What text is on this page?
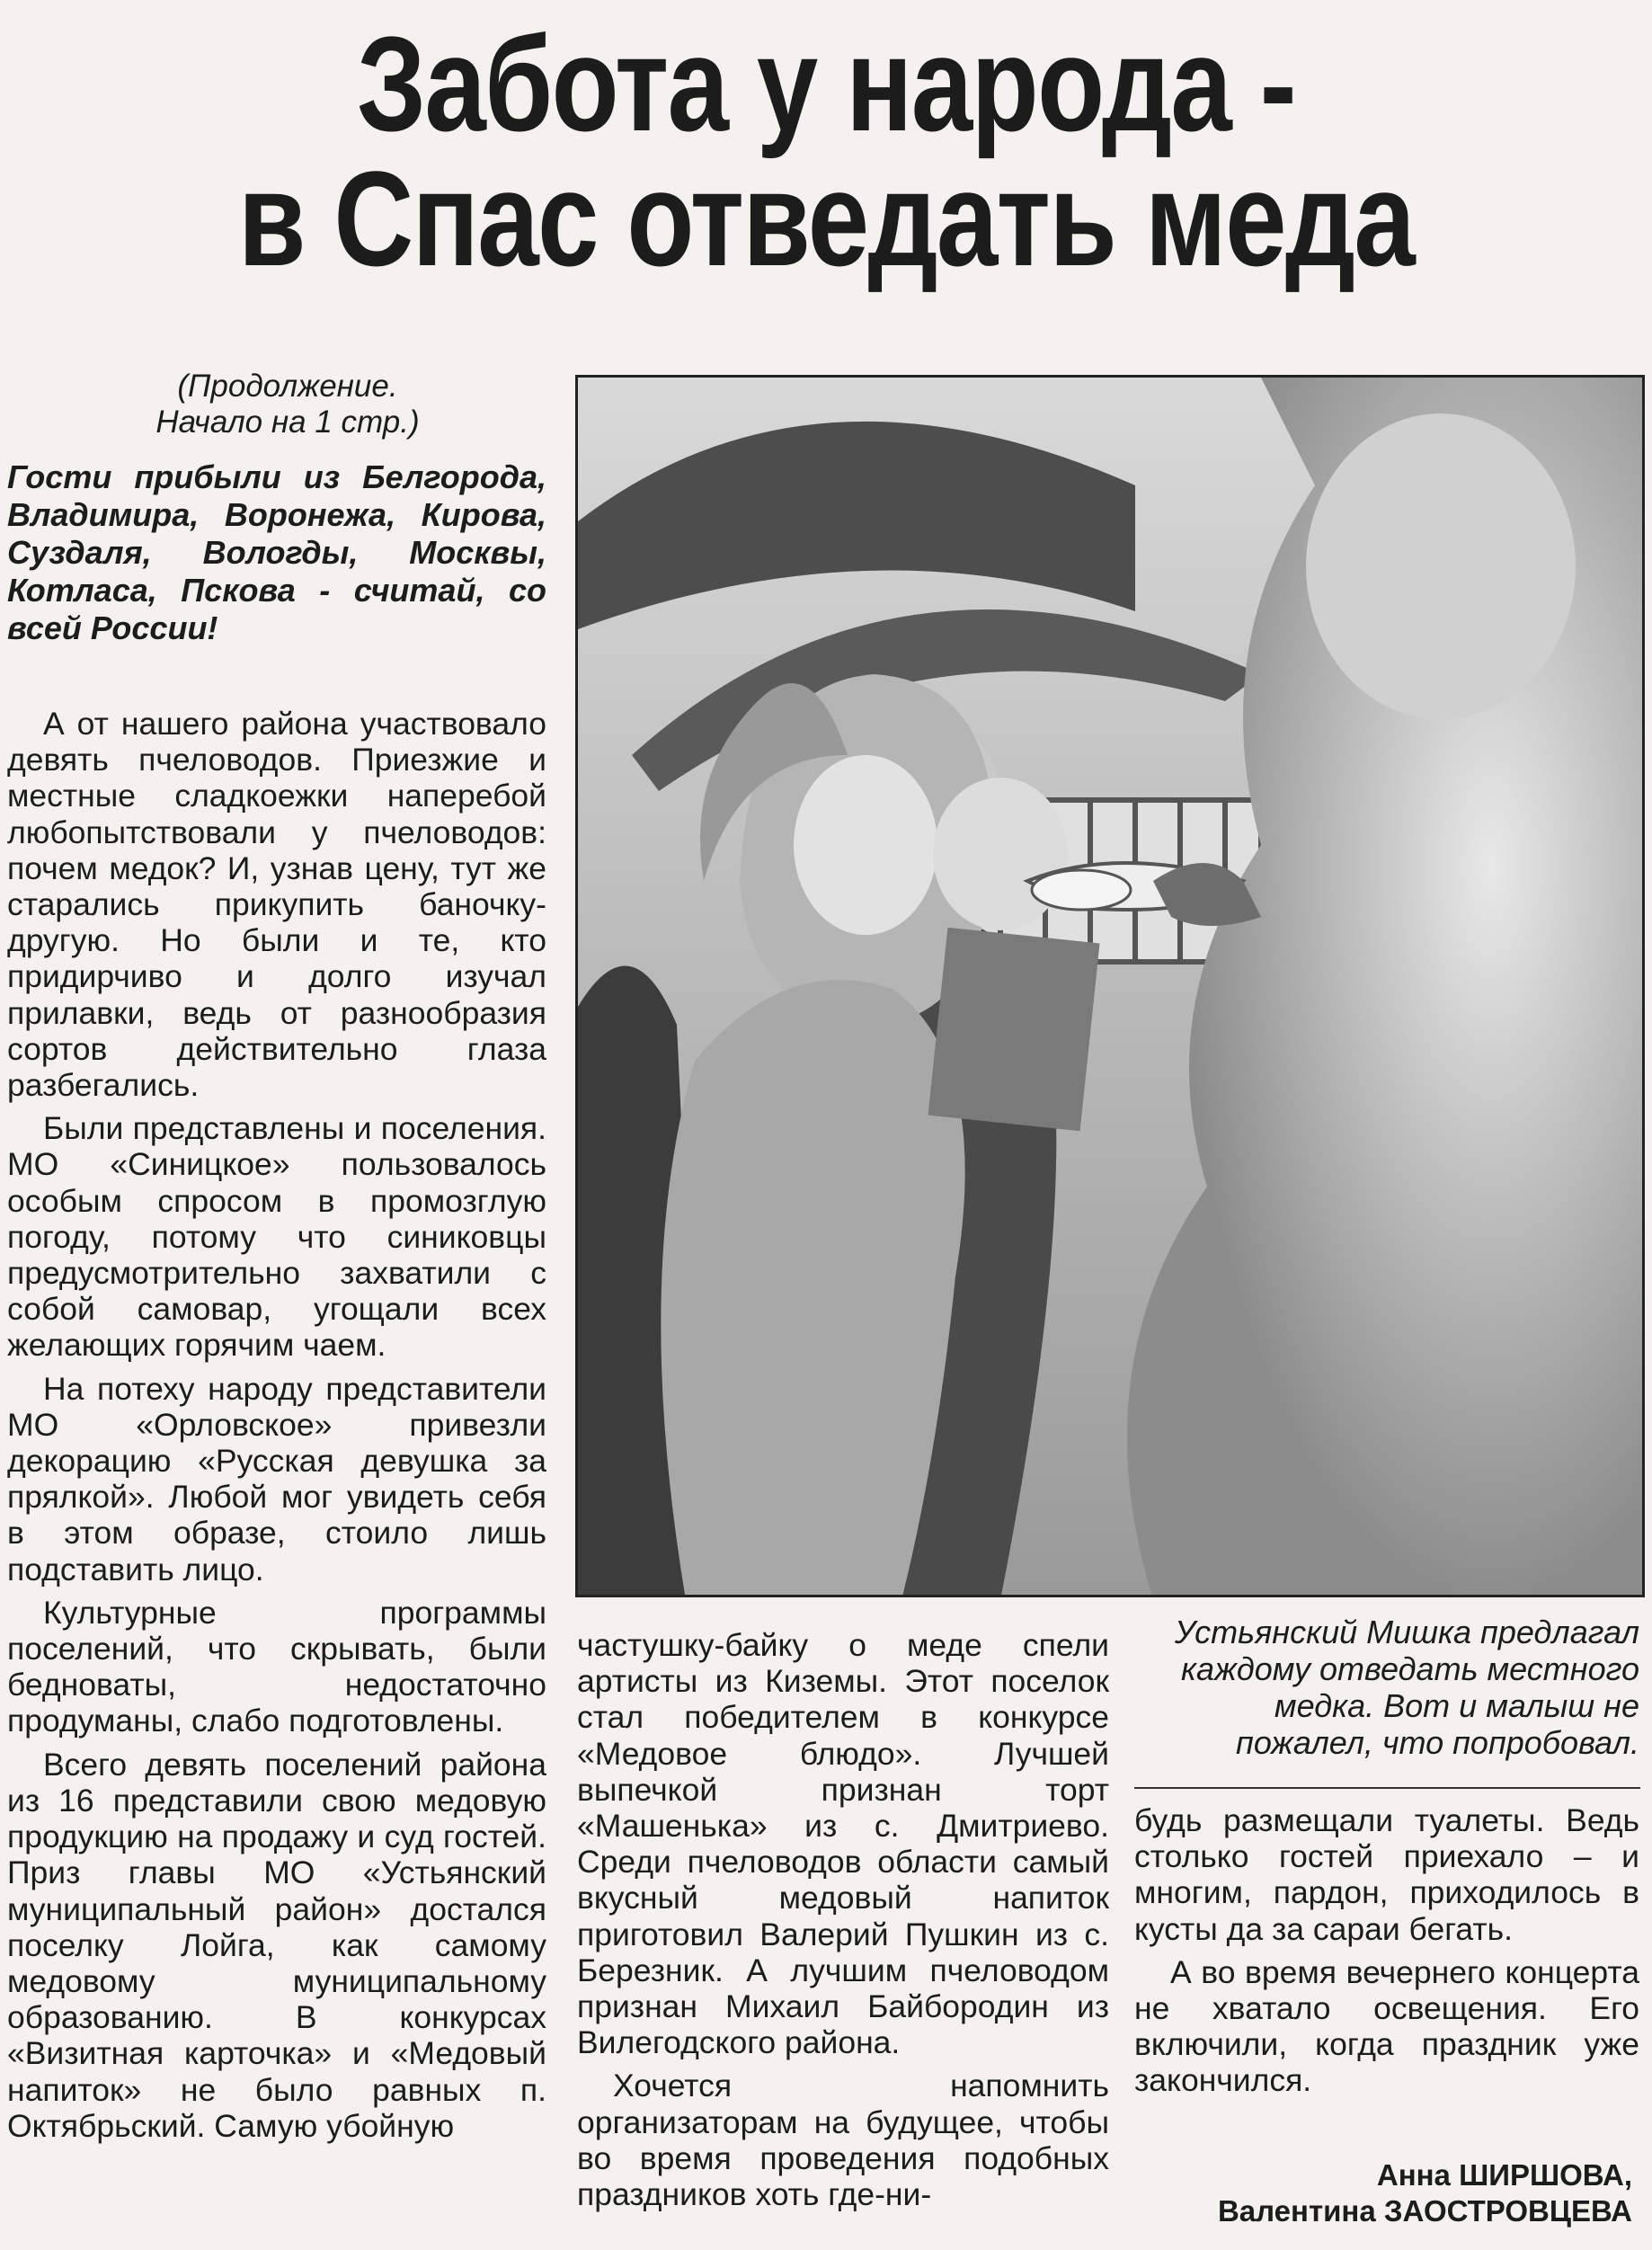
Забота у народа -
в Спас отведать меда
(Продолжение.
Начало на 1 стр.)
Гости прибыли из Белгорода, Владимира, Воронежа, Кирова, Суздаля, Вологды, Москвы, Котласа, Пскова - считай, со всей России!

А от нашего района участвовало девять пчеловодов. Приезжие и местные сладкоежки наперебой любопытствовали у пчеловодов: почем медок? И, узнав цену, тут же старались прикупить баночку-другую. Но были и те, кто придирчиво и долго изучал прилавки, ведь от разнообразия сортов действительно глаза разбегались.

Были представлены и поселения. МО «Синицкое» пользовалось особым спросом в промозглую погоду, потому что синиковцы предусмотрительно захватили с собой самовар, угощали всех желающих горячим чаем.

На потеху народу представители МО «Орловское» привезли декорацию «Русская девушка за прялкой». Любой мог увидеть себя в этом образе, стоило лишь подставить лицо.

Культурные программы поселений, что скрывать, были бедноваты, недостаточно продуманы, слабо подготовлены.

Всего девять поселений района из 16 представили свою медовую продукцию на продажу и суд гостей. Приз главы МО «Устьянский муниципальный район» достался поселку Лойга, как самому медовому муниципальному образованию. В конкурсах «Визитная карточка» и «Медовый напиток» не было равных п. Октябрьский. Самую убойную

частушку-байку о меде спели артисты из Киземы. Этот поселок стал победителем в конкурсе «Медовое блюдо». Лучшей выпечкой признан торт «Машенька» из с. Дмитриево. Среди пчеловодов области самый вкусный медовый напиток приготовил Валерий Пушкин из с. Березник. А лучшим пчеловодом признан Михаил Байбородин из Вилегодского района.

Хочется напомнить организаторам на будущее, чтобы во время проведения подобных праздников хоть где-ни-

Устьянский Мишка предлагал каждому отведать местного медка. Вот и малыш не пожалел, что попробовал.

будь размещали туалеты. Ведь столько гостей приехало – и многим, пардон, приходилось в кусты да за сараи бегать.

А во время вечернего концерта не хватало освещения. Его включили, когда праздник уже закончился.

Анна ШИРШОВА,
Валентина ЗАОСТРОВЦЕВА
